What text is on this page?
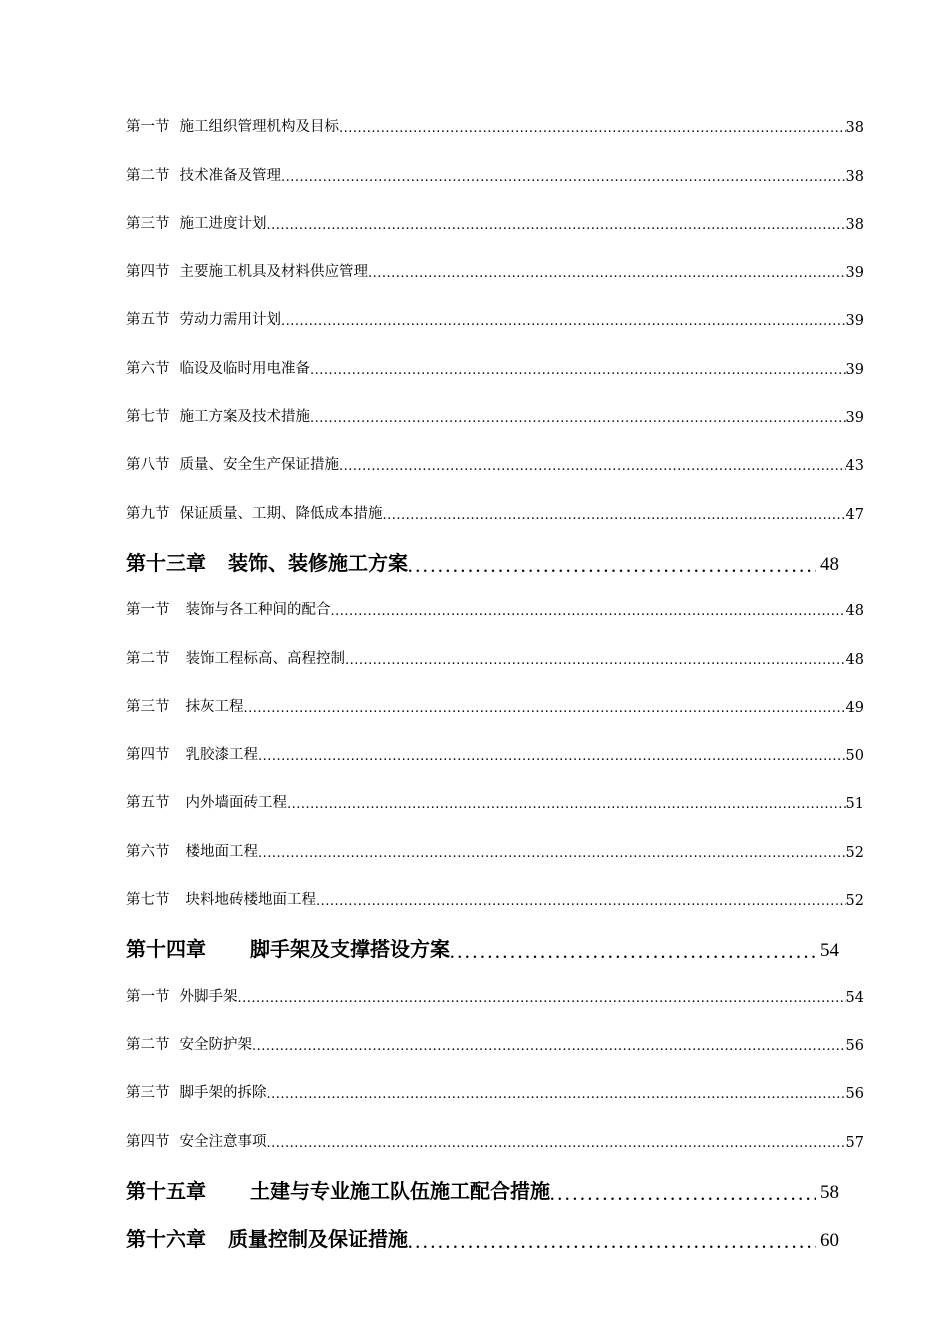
第一节 施工组织管理机构及目标 .....	38
第二节 技术准备及管理 .....	38
第三节 施工进度计划 .....	38
第四节 主要施工机具及材料供应管理 .....	39
第五节 劳动力需用计划 .....	39
第六节 临设及临时用电准备 .....	39
第七节 施工方案及技术措施 .....	39
第八节 质量、安全生产保证措施 .....	43
第九节 保证质量、工期、降低成本措施 .....	47
第十三章 装饰、装修施工方案 .....	48
第一节 装饰与各工种间的配合 .....	48
第二节 装饰工程标高、高程控制 .....	48
第三节 抹灰工程 .....	49
第四节 乳胶漆工程 .....	50
第五节 内外墙面砖工程 .....	51
第六节 楼地面工程 .....	52
第七节 块料地砖楼地面工程 .....	52
第十四章 脚手架及支撑搭设方案 .....	54
第一节 外脚手架 .....	54
第二节 安全防护架 .....	56
第三节 脚手架的拆除 .....	56
第四节 安全注意事项 .....	57
第十五章 土建与专业施工队伍施工配合措施 .....	58
第十六章 质量控制及保证措施 .....	60
